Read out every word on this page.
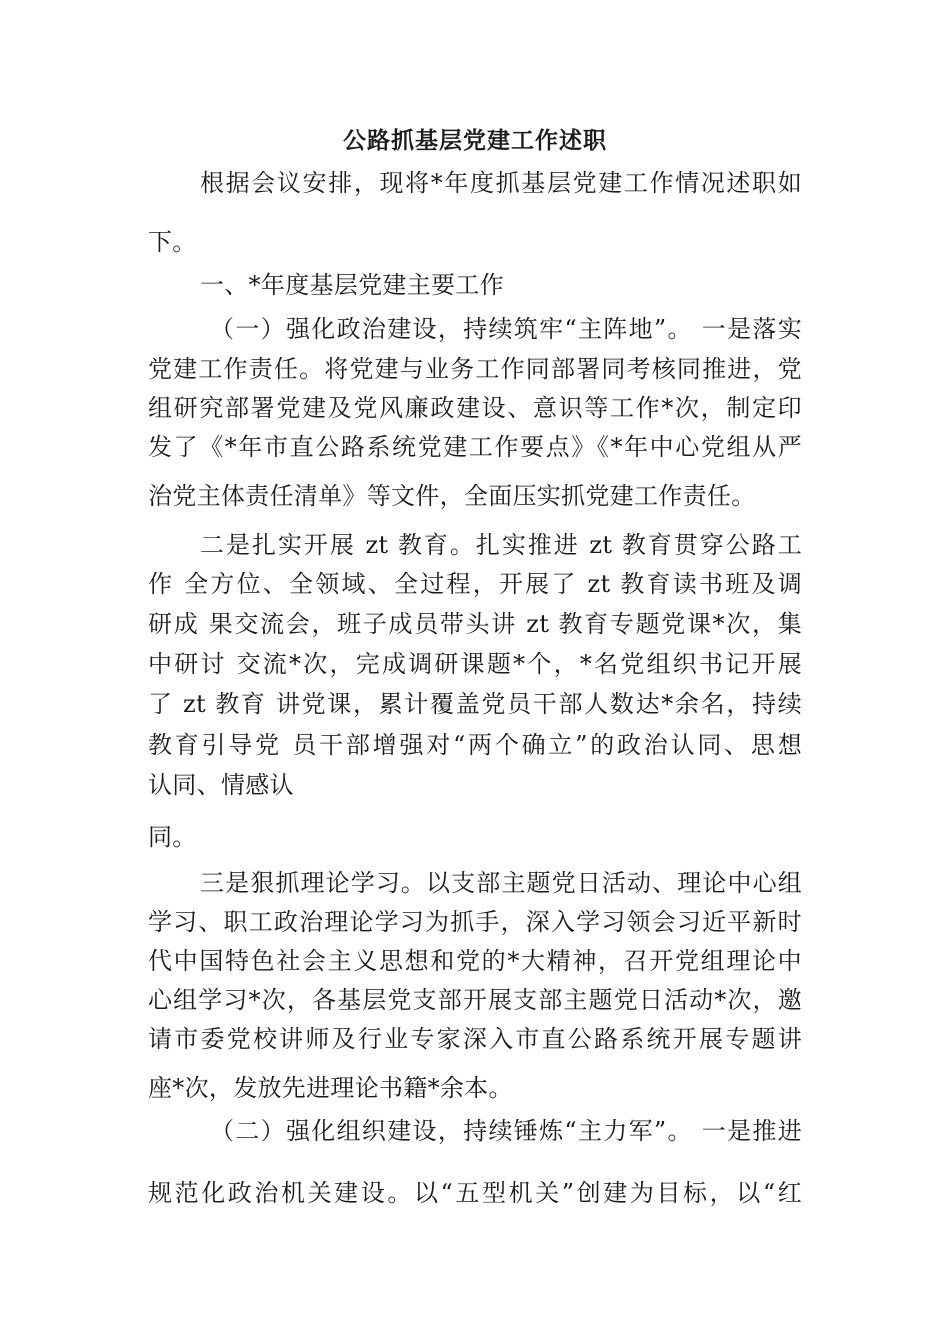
公路抓基层党建工作述职
根据会议安排，现将*年度抓基层党建工作情况述职如
下。
一、*年度基层党建主要工作
（一）强化政治建设，持续筑牢“主阵地”。 一是落实
党建工作责任。将党建与业务工作同部署同考核同推进，党
组研究部署党建及党风廉政建设、意识等工作*次，制定印
发了《*年市直公路系统党建工作要点》《*年中心党组从严
治党主体责任清单》等文件，全面压实抓党建工作责任。
二是扎实开展 zt 教育。扎实推进 zt 教育贯穿公路工
作 全方位、全领域、全过程，开展了 zt 教育读书班及调
研成 果交流会，班子成员带头讲 zt 教育专题党课*次，集
中研讨 交流*次，完成调研课题*个，*名党组织书记开展
了 zt 教育 讲党课，累计覆盖党员干部人数达*余名，持续
教育引导党 员干部增强对“两个确立”的政治认同、思想
认同、情感认
同。
三是狠抓理论学习。以支部主题党日活动、理论中心组
学习、职工政治理论学习为抓手，深入学习领会习近平新时
代中国特色社会主义思想和党的*大精神，召开党组理论中
心组学习*次，各基层党支部开展支部主题党日活动*次，邀
请市委党校讲师及行业专家深入市直公路系统开展专题讲
座*次，发放先进理论书籍*余本。
（二）强化组织建设，持续锤炼“主力军”。 一是推进
规范化政治机关建设。以“五型机关”创建为目标，以“红
